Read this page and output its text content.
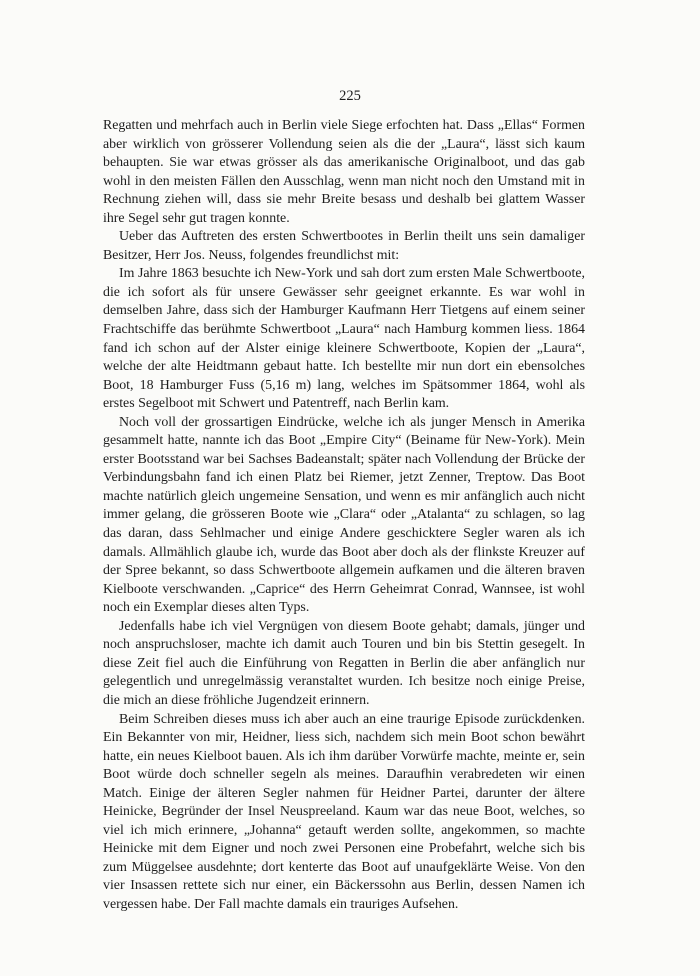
225

Regatten und mehrfach auch in Berlin viele Siege erfochten hat. Dass „Ellas“ Formen aber wirklich von grösserer Vollendung seien als die der „Laura“, lässt sich kaum behaupten. Sie war etwas grösser als das amerikanische Originalboot, und das gab wohl in den meisten Fällen den Ausschlag, wenn man nicht noch den Umstand mit in Rechnung ziehen will, dass sie mehr Breite besass und deshalb bei glattem Wasser ihre Segel sehr gut tragen konnte.

Ueber das Auftreten des ersten Schwertbootes in Berlin theilt uns sein damaliger Besitzer, Herr Jos. Neuss, folgendes freundlichst mit:

Im Jahre 1863 besuchte ich New-York und sah dort zum ersten Male Schwertboote, die ich sofort als für unsere Gewässer sehr geeignet erkannte. Es war wohl in demselben Jahre, dass sich der Hamburger Kaufmann Herr Tietgens auf einem seiner Frachtschiffe das berühmte Schwertboot „Laura“ nach Hamburg kommen liess. 1864 fand ich schon auf der Alster einige kleinere Schwertboote, Kopien der „Laura“, welche der alte Heidtmann gebaut hatte. Ich bestellte mir nun dort ein ebensolches Boot, 18 Hamburger Fuss (5,16 m) lang, welches im Spätsommer 1864, wohl als erstes Segelboot mit Schwert und Patentreff, nach Berlin kam.

Noch voll der grossartigen Eindrücke, welche ich als junger Mensch in Amerika gesammelt hatte, nannte ich das Boot „Empire City“ (Beiname für New-York). Mein erster Bootsstand war bei Sachses Badeanstalt; später nach Vollendung der Brücke der Verbindungsbahn fand ich einen Platz bei Riemer, jetzt Zenner, Treptow. Das Boot machte natürlich gleich ungemeine Sensation, und wenn es mir anfänglich auch nicht immer gelang, die grösseren Boote wie „Clara“ oder „Atalanta“ zu schlagen, so lag das daran, dass Sehlmacher und einige Andere geschicktere Segler waren als ich damals. Allmählich glaube ich, wurde das Boot aber doch als der flinkste Kreuzer auf der Spree bekannt, so dass Schwertboote allgemein aufkamen und die älteren braven Kielboote verschwanden. „Caprice“ des Herrn Geheimrat Conrad, Wannsee, ist wohl noch ein Exemplar dieses alten Typs.

Jedenfalls habe ich viel Vergnügen von diesem Boote gehabt; damals, jünger und noch anspruchsloser, machte ich damit auch Touren und bin bis Stettin gesegelt. In diese Zeit fiel auch die Einführung von Regatten in Berlin die aber anfänglich nur gelegentlich und unregelmässig veranstaltet wurden. Ich besitze noch einige Preise, die mich an diese fröhliche Jugendzeit erinnern.

Beim Schreiben dieses muss ich aber auch an eine traurige Episode zurückdenken. Ein Bekannter von mir, Heidner, liess sich, nachdem sich mein Boot schon bewährt hatte, ein neues Kielboot bauen. Als ich ihm darüber Vorwürfe machte, meinte er, sein Boot würde doch schneller segeln als meines. Daraufhin verabredeten wir einen Match. Einige der älteren Segler nahmen für Heidner Partei, darunter der ältere Heinicke, Begründer der Insel Neuspreeland. Kaum war das neue Boot, welches, so viel ich mich erinnere, „Johanna“ getauft werden sollte, angekommen, so machte Heinicke mit dem Eigner und noch zwei Personen eine Probefahrt, welche sich bis zum Müggelsee ausdehnte; dort kenterte das Boot auf unaufgeklärte Weise. Von den vier Insassen rettete sich nur einer, ein Bäckerssohn aus Berlin, dessen Namen ich vergessen habe. Der Fall machte damals ein trauriges Aufsehen.
